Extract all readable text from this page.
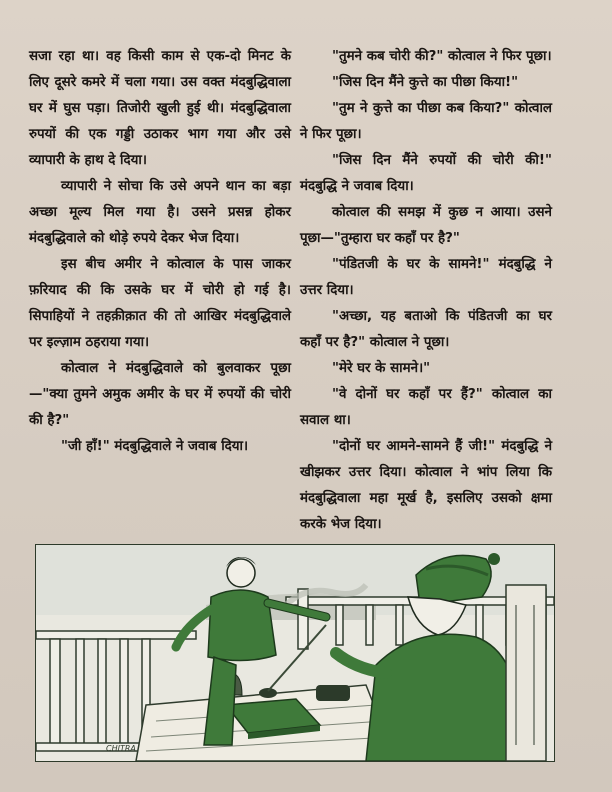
सजा रहा था। वह किसी काम से एक-दो मिनट के लिए दूसरे कमरे में चला गया। उस वक्त मंदबुद्धिवाला घर में घुस पड़ा। तिजोरी खुली हुई थी। मंदबुद्धिवाला रुपयों की एक गड्डी उठाकर भाग गया और उसे व्यापारी के हाथ दे दिया।

व्यापारी ने सोचा कि उसे अपने थान का बड़ा अच्छा मूल्य मिल गया है। उसने प्रसन्न होकर मंदबुद्धिवाले को थोड़े रुपये देकर भेज दिया।

इस बीच अमीर ने कोत्वाल के पास जाकर फ़रियाद की कि उसके घर में चोरी हो गई है। सिपाहियों ने तहक़ीक़ात की तो आखिर मंदबुद्धिवाले पर इल्ज़ाम ठहराया गया।

कोत्वाल ने मंदबुद्धिवाले को बुलवाकर पूछा—"क्या तुमने अमुक अमीर के घर में रुपयों की चोरी की है?"

"जी हाँ!" मंदबुद्धिवाले ने जवाब दिया।

"तुमने कब चोरी की?" कोत्वाल ने फिर पूछा।

"जिस दिन मैंने कुत्ते का पीछा किया!"

"तुम ने कुत्ते का पीछा कब किया?" कोत्वाल ने फिर पूछा।

"जिस दिन मैंने रुपयों की चोरी की!" मंदबुद्धि ने जवाब दिया।

कोत्वाल की समझ में कुछ न आया। उसने पूछा—"तुम्हारा घर कहाँ पर है?"

"पंडितजी के घर के सामने!" मंदबुद्धि ने उत्तर दिया।

"अच्छा, यह बताओ कि पंडितजी का घर कहाँ पर है?" कोत्वाल ने पूछा।

"मेरे घर के सामने।"

"वे दोनों घर कहाँ पर हैं?" कोत्वाल का सवाल था।

"दोनों घर आमने-सामने हैं जी!" मंदबुद्धि ने खीझकर उत्तर दिया। कोत्वाल ने भांप लिया कि मंदबुद्धिवाला महा मूर्ख है, इसलिए उसको क्षमा करके भेज दिया।

CHITRA
